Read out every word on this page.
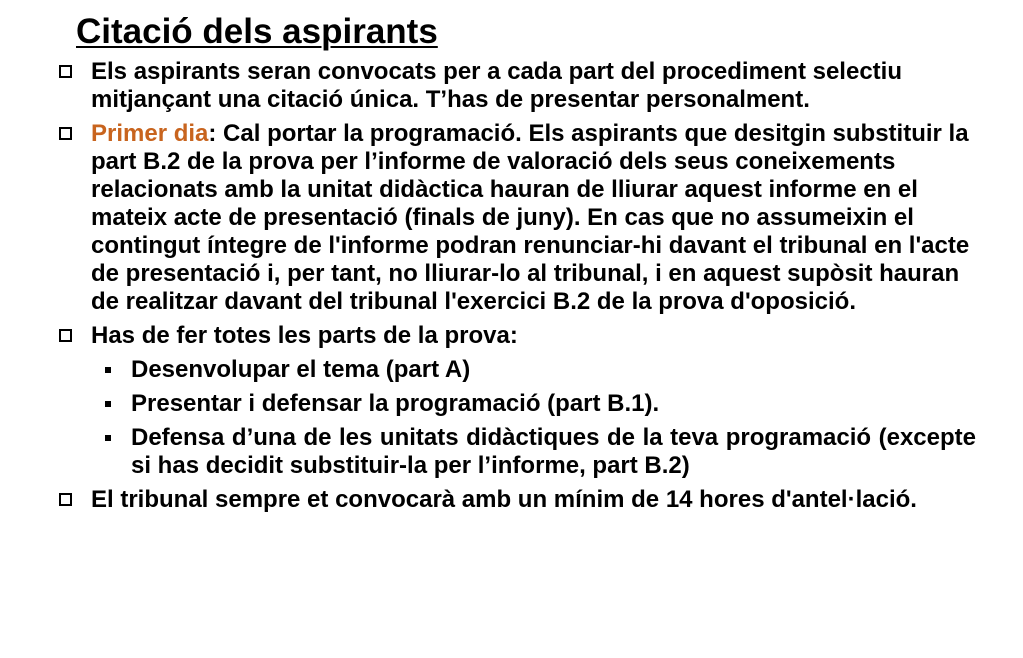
Citació dels aspirants
Els aspirants seran convocats per a cada part del procediment selectiu mitjançant una citació única. T’has de presentar personalment.
Primer dia: Cal portar la programació. Els aspirants que desitgin substituir la part B.2 de la prova per l’informe de valoració dels seus coneixements relacionats amb la unitat didàctica hauran de lliurar aquest informe en el mateix acte de presentació (finals de juny). En cas que no assumeixin el contingut íntegre de l'informe podran renunciar-hi davant el tribunal en l'acte de presentació i, per tant, no lliurar-lo al tribunal, i en aquest supòsit hauran de realitzar davant del tribunal l'exercici B.2 de la prova d'oposició.
Has de fer totes les parts de la prova:
Desenvolupar el tema (part A)
Presentar i defensar la programació (part B.1).
Defensa d’una de les unitats didàctiques de la teva programació (excepte si has decidit substituir-la per l’informe, part B.2)
El tribunal sempre et convocarà amb un mínim de 14 hores d'antel·lació.
